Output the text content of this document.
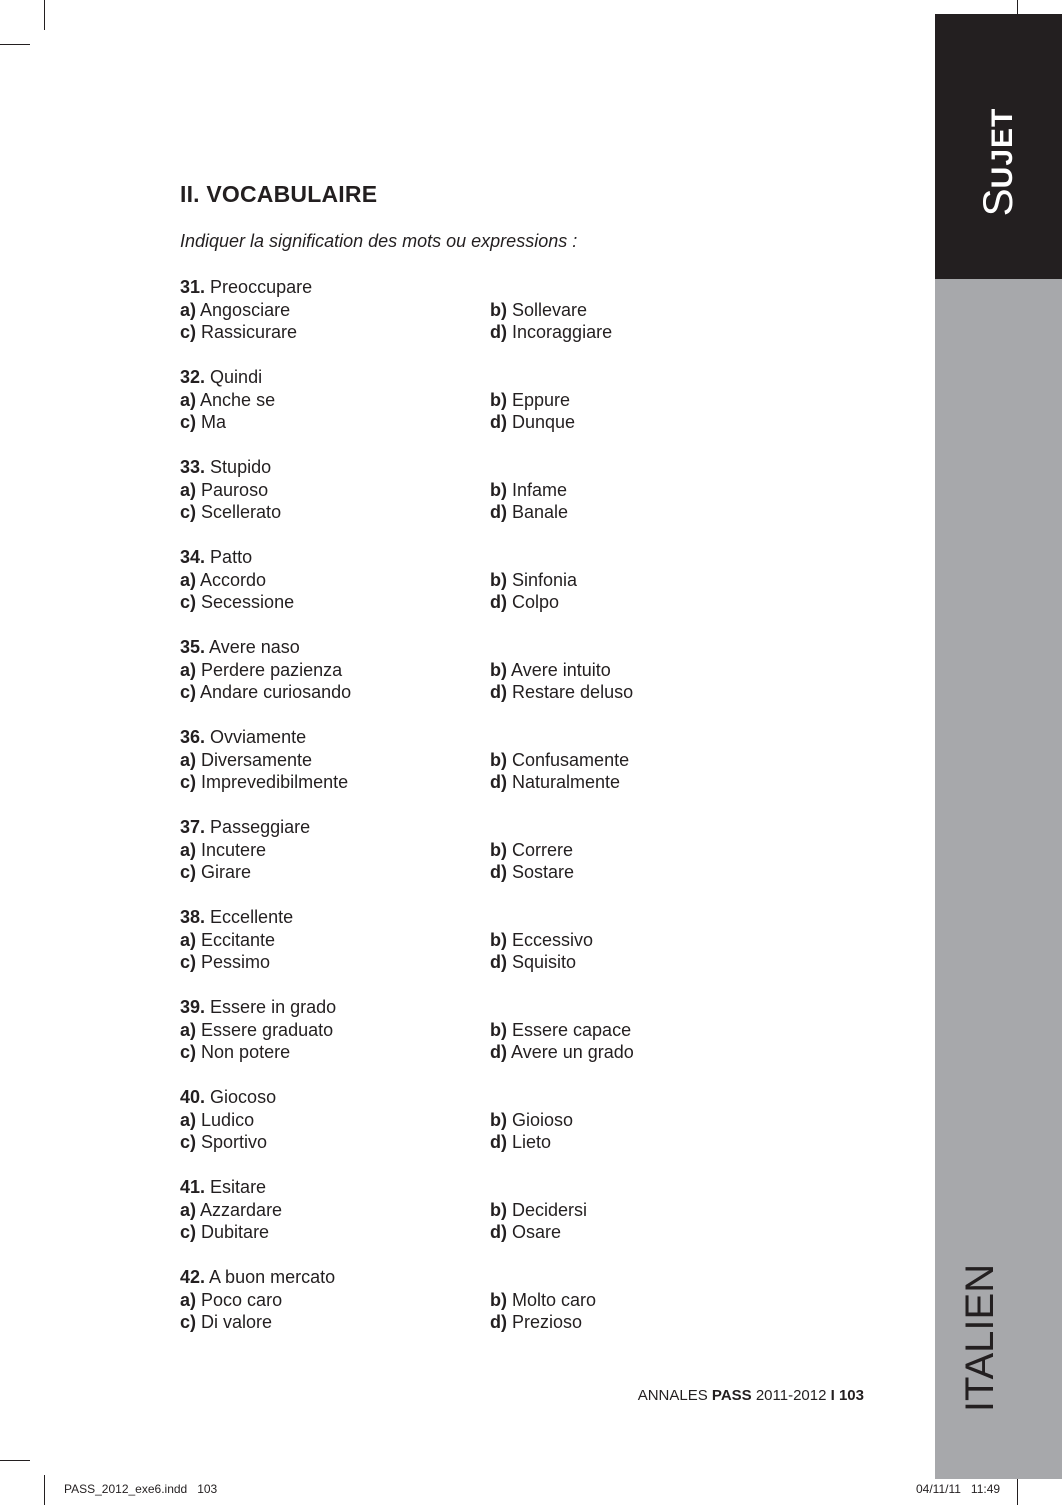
SUJET
ITALIEN
II. VOCABULAIRE

Indiquer la signification des mots ou expressions :

31. Preoccupare
a) Angosciare	b) Sollevare
c) Rassicurare	d) Incoraggiare
32. Quindi
a) Anche se	b) Eppure
c) Ma	d) Dunque
33. Stupido
a) Pauroso	b) Infame
c) Scellerato	d) Banale
34. Patto
a) Accordo	b) Sinfonia
c) Secessione	d) Colpo
35. Avere naso
a) Perdere pazienza	b) Avere intuito
c) Andare curiosando	d) Restare deluso
36. Ovviamente
a) Diversamente	b) Confusamente
c) Imprevedibilmente	d) Naturalmente
37. Passeggiare
a) Incutere	b) Correre
c) Girare	d) Sostare
38. Eccellente
a) Eccitante	b) Eccessivo
c) Pessimo	d) Squisito
39. Essere in grado
a) Essere graduato	b) Essere capace
c) Non potere	d) Avere un grado
40. Giocoso
a) Ludico	b) Gioioso
c) Sportivo	d) Lieto
41. Esitare
a) Azzardare	b) Decidersi
c) Dubitare	d) Osare
42. A buon mercato
a) Poco caro	b) Molto caro
c) Di valore	d) Prezioso
ANNALES PASS 2011-2012 I 103
PASS_2012_exe6.indd   103	04/11/11   11:49
